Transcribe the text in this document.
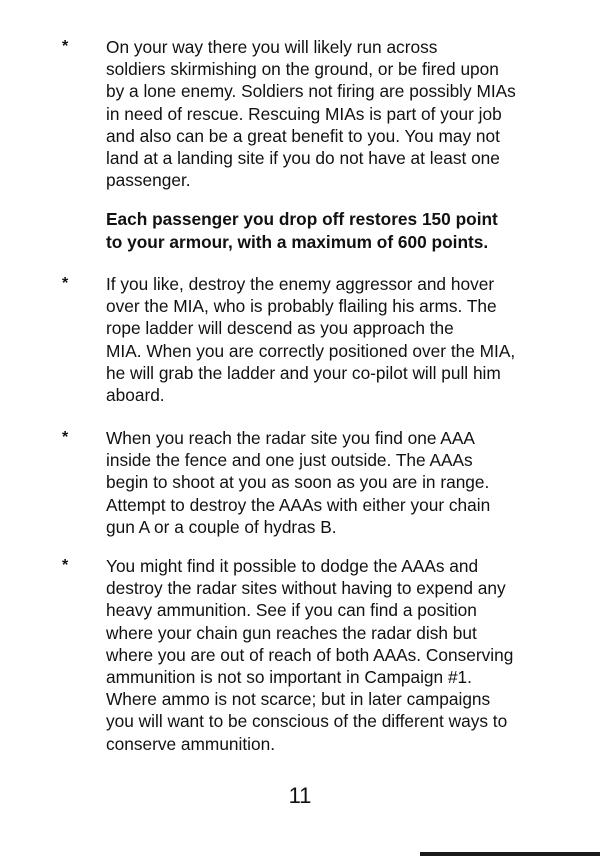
* On your way there you will likely run across
soldiers skirmishing on the ground, or be fired upon
by a lone enemy. Soldiers not firing are possibly MIAs
in need of rescue. Rescuing MIAs is part of your job
and also can be a great benefit to you. You may not
land at a landing site if you do not have at least one
passenger.

Each passenger you drop off restores 150 point
to your armour, with a maximum of 600 points.

* If you like, destroy the enemy aggressor and hover
over the MIA, who is probably flailing his arms. The
rope ladder will descend as you approach the
MIA. When you are correctly positioned over the MIA,
he will grab the ladder and your co-pilot will pull him
aboard.

* When you reach the radar site you find one AAA
inside the fence and one just outside. The AAAs
begin to shoot at you as soon as you are in range.
Attempt to destroy the AAAs with either your chain
gun A or a couple of hydras B.

* You might find it possible to dodge the AAAs and
destroy the radar sites without having to expend any
heavy ammunition. See if you can find a position
where your chain gun reaches the radar dish but
where you are out of reach of both AAAs. Conserving
ammunition is not so important in Campaign #1.
Where ammo is not scarce; but in later campaigns
you will want to be conscious of the different ways to
conserve ammunition.

11
